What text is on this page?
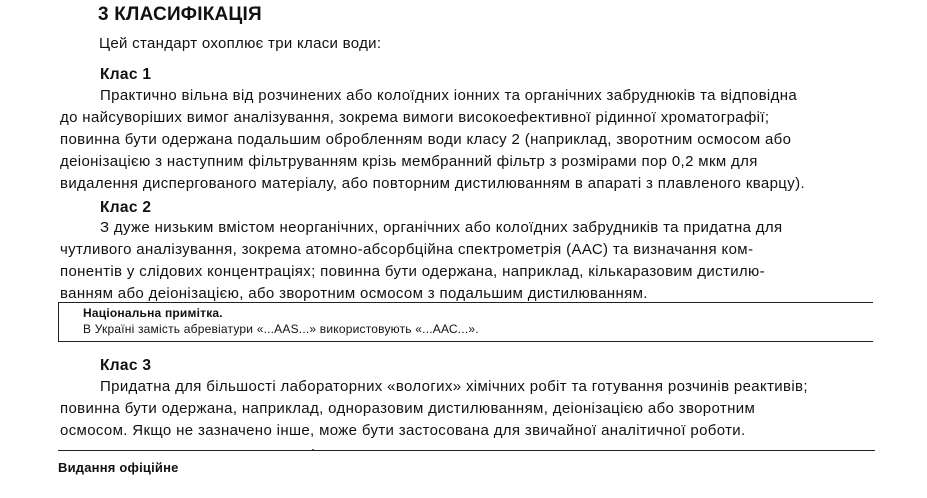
3 КЛАСИФІКАЦІЯ

Цей стандарт охоплює три класи води:

Клас 1

Практично вільна від розчинених або колоїдних іонних та органічних забруднюків та відповідна
до найсуворіших вимог аналізування, зокрема вимоги високоефективної рідинної хроматографії;
повинна бути одержана подальшим обробленням води класу 2 (наприклад, зворотним осмосом або
деіонізацією з наступним фільтруванням крізь мембранний фільтр з розмірами пор 0,2 мкм для
видалення диспергованого матеріалу, або повторним дистилюванням в апараті з плавленого кварцу).

Клас 2

З дуже низьким вмістом неорганічних, органічних або колоїдних забрудників та придатна для
чутливого аналізування, зокрема атомно-абсорбційна спектрометрія (ААС) та визначання ком-
понентів у слідових концентраціях; повинна бути одержана, наприклад, кількаразовим дистилю-
ванням або деіонізацією, або зворотним осмосом з подальшим дистилюванням.

Національна примітка.

В Україні замість абревіатури «...AAS...» використовують «...ААС...».

Клас 3

Придатна для більшості лабораторних «вологих» хімічних робіт та готування розчинів реактивів;
повинна бути одержана, наприклад, одноразовим дистилюванням, деіонізацією або зворотним
осмосом. Якщо не зазначено інше, може бути застосована для звичайної аналітичної роботи.

Видання офіційне
